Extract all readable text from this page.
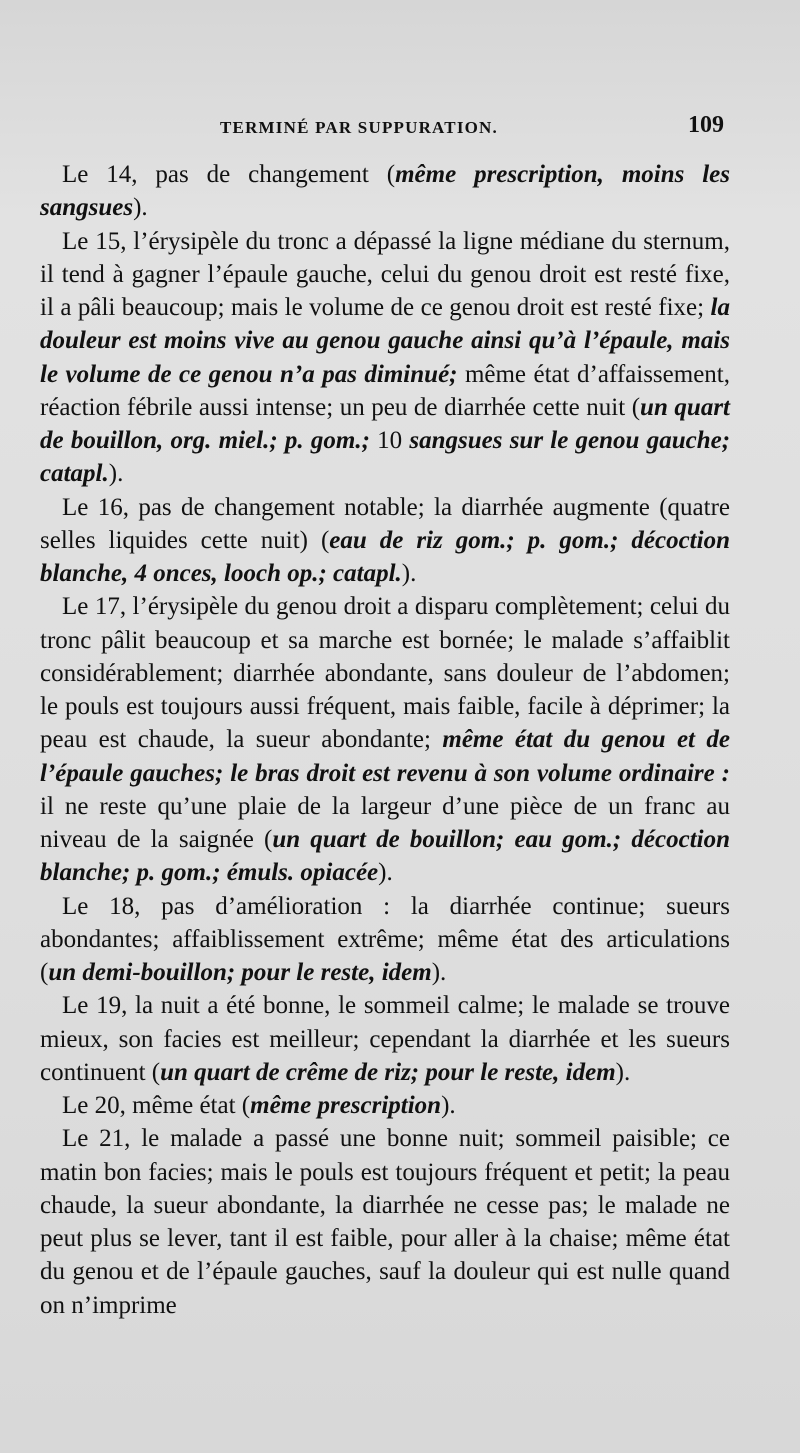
TERMINÉ PAR SUPPURATION.	109

Le 14, pas de changement (même prescription, moins les sangsues).

Le 15, l’érysipèle du tronc a dépassé la ligne médiane du sternum, il tend à gagner l’épaule gauche, celui du genou droit est resté fixe, il a pâli beaucoup; mais le volume de ce genou droit est resté fixe; la douleur est moins vive au genou gauche ainsi qu’à l’épaule, mais le volume de ce genou n’a pas diminué; même état d’affaissement, réaction fébrile aussi intense; un peu de diarrhée cette nuit (un quart de bouillon, org. miel.; p. gom.; 10 sangsues sur le genou gauche; catapl.).

Le 16, pas de changement notable; la diarrhée augmente (quatre selles liquides cette nuit) (eau de riz gom.; p. gom.; décoction blanche, 4 onces, looch op.; catapl.).

Le 17, l’érysipèle du genou droit a disparu complètement; celui du tronc pâlit beaucoup et sa marche est bornée; le malade s’affaiblit considérablement; diarrhée abondante, sans douleur de l’abdomen; le pouls est toujours aussi fréquent, mais faible, facile à déprimer; la peau est chaude, la sueur abondante; même état du genou et de l’épaule gauches; le bras droit est revenu à son volume ordinaire : il ne reste qu’une plaie de la largeur d’une pièce de un franc au niveau de la saignée (un quart de bouillon; eau gom.; décoction blanche; p. gom.; émuls. opiacée).

Le 18, pas d’amélioration : la diarrhée continue; sueurs abondantes; affaiblissement extrême; même état des articulations (un demi-bouillon; pour le reste, idem).

Le 19, la nuit a été bonne, le sommeil calme; le malade se trouve mieux, son facies est meilleur; cependant la diarrhée et les sueurs continuent (un quart de crême de riz; pour le reste, idem).

Le 20, même état (même prescription).

Le 21, le malade a passé une bonne nuit; sommeil paisible; ce matin bon facies; mais le pouls est toujours fréquent et petit; la peau chaude, la sueur abondante, la diarrhée ne cesse pas; le malade ne peut plus se lever, tant il est faible, pour aller à la chaise; même état du genou et de l’épaule gauches, sauf la douleur qui est nulle quand on n’imprime
